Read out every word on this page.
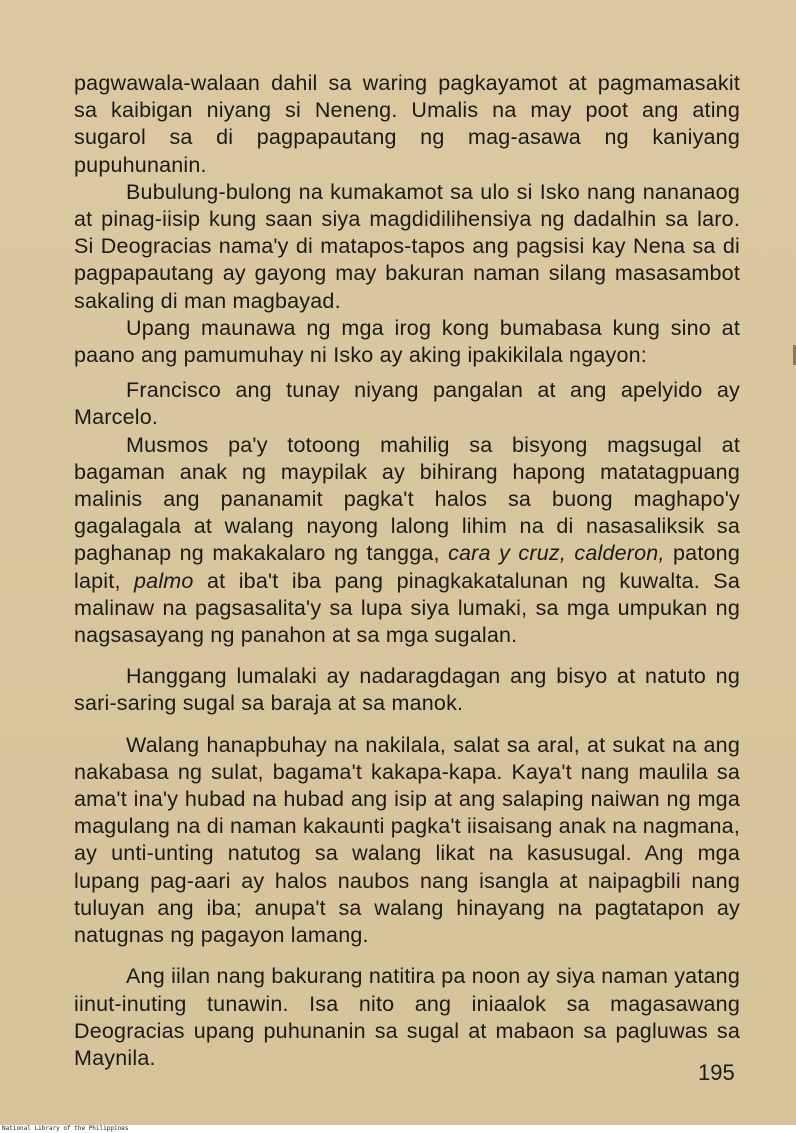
pagwawala-walaan dahil sa waring pagkayamot at pagmamasakit sa kaibigan niyang si Neneng. Umalis na may poot ang ating sugarol sa di pagpapautang ng mag-asawa ng kaniyang pupuhunanin.

Bubulung-bulong na kumakamot sa ulo si Isko nang nananaog at pinag-iisip kung saan siya magdidilihensiya ng dadalhin sa laro. Si Deogracias nama'y di matapos-tapos ang pagsisi kay Nena sa di pagpapautang ay gayong may bakuran naman silang masasambot sakaling di man magbayad.

Upang maunawa ng mga irog kong bumabasa kung sino at paano ang pamumuhay ni Isko ay aking ipakikilala ngayon:

Francisco ang tunay niyang pangalan at ang apelyido ay Marcelo.

Musmos pa'y totoong mahilig sa bisyong magsugal at bagaman anak ng maypilak ay bihirang hapong matatagpuang malinis ang pananamit pagka't halos sa buong maghapo'y gagalagala at walang nayong lalong lihim na di nasasaliksik sa paghanap ng makakalaro ng tangga, cara y cruz, calderon, patong lapit, palmo at iba't iba pang pinagkakatalunan ng kuwalta. Sa malinaw na pagsasalita'y sa lupa siya lumaki, sa mga umpukan ng nagsasayang ng panahon at sa mga sugalan.

Hanggang lumalaki ay nadaragdagan ang bisyo at natuto ng sari-saring sugal sa baraja at sa manok.

Walang hanapbuhay na nakilala, salat sa aral, at sukat na ang nakabasa ng sulat, bagama't kakapa-kapa. Kaya't nang maulila sa ama't ina'y hubad na hubad ang isip at ang salaping naiwan ng mga magulang na di naman kakaunti pagka't iisaisang anak na nagmana, ay unti-unting natutog sa walang likat na kasusugal. Ang mga lupang pag-aari ay halos naubos nang isangla at naipagbili nang tuluyan ang iba; anupa't sa walang hinayang na pagtatapon ay natugnas ng pagayon lamang.

Ang iilan nang bakurang natitira pa noon ay siya naman yatang iinut-inuting tunawin. Isa nito ang iniaalok sa magasawang Deogracias upang puhunanin sa sugal at mabaon sa pagluwas sa Maynila.

195
National Library of the Philippines
